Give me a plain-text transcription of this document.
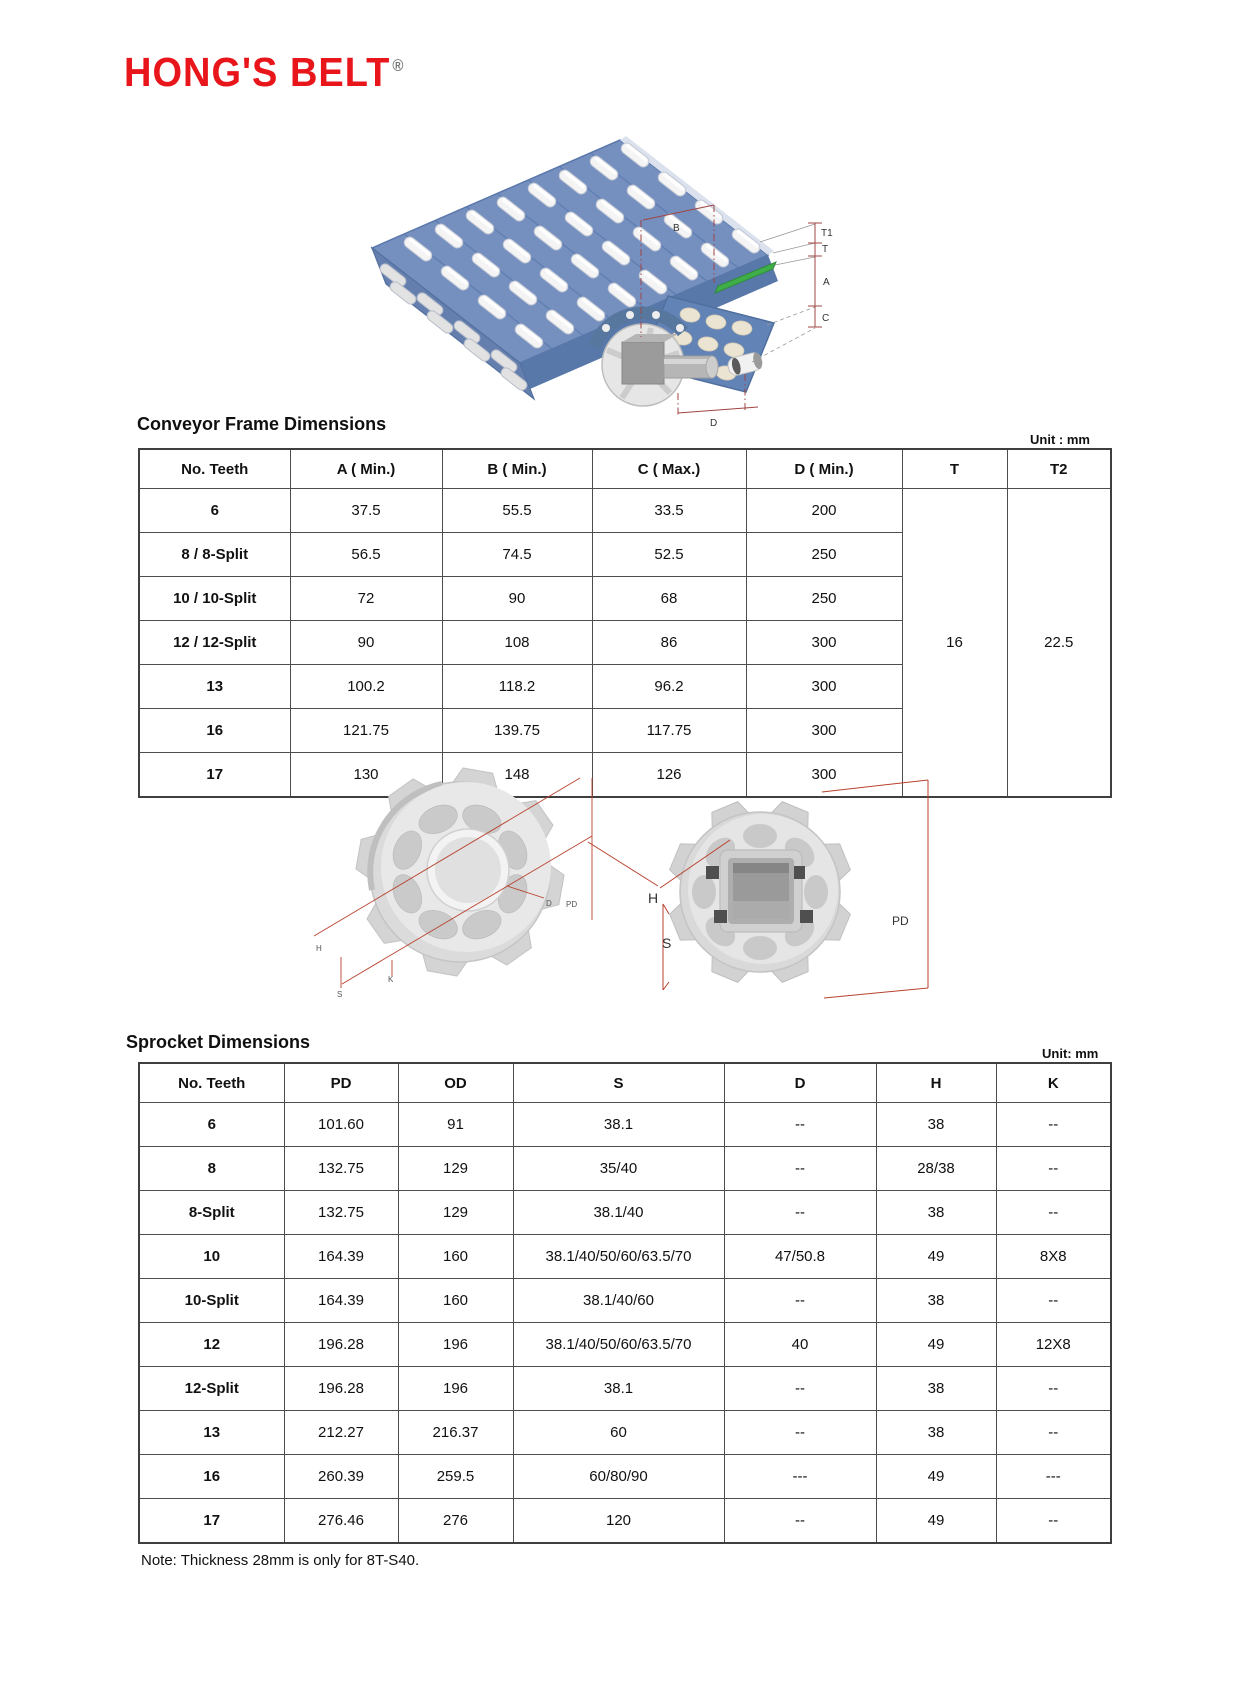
HONG'S BELT ®
B	T1
T
A
C
D
Conveyor Frame Dimensions
Unit : mm
No. Teeth	A ( Min.)	B ( Min.)	C ( Max.)	D ( Min.)	T	T2
6	37.5	55.5	33.5	200	16	22.5
8 / 8-Split	56.5	74.5	52.5	250		
10 / 10-Split	72	90	68	250		
12 / 12-Split	90	108	86	300		
13	100.2	118.2	96.2	300		
16	121.75	139.75	117.75	300		
17	130	148	126	300		
H
K
S
D PD	H
S
PD
Sprocket Dimensions
Unit: mm
No. Teeth	PD	OD	S	D	H	K
6	101.60	91	38.1	--	38	--
8	132.75	129	35/40	--	28/38	--
8-Split	132.75	129	38.1/40	--	38	--
10	164.39	160	38.1/40/50/60/63.5/70	47/50.8	49	8X8
10-Split	164.39	160	38.1/40/60	--	38	--
12	196.28	196	38.1/40/50/60/63.5/70	40	49	12X8
12-Split	196.28	196	38.1	--	38	--
13	212.27	216.37	60	--	38	--
16	260.39	259.5	60/80/90	---	49	---
17	276.46	276	120	--	49	--
Note: Thickness 28mm is only for 8T-S40.
